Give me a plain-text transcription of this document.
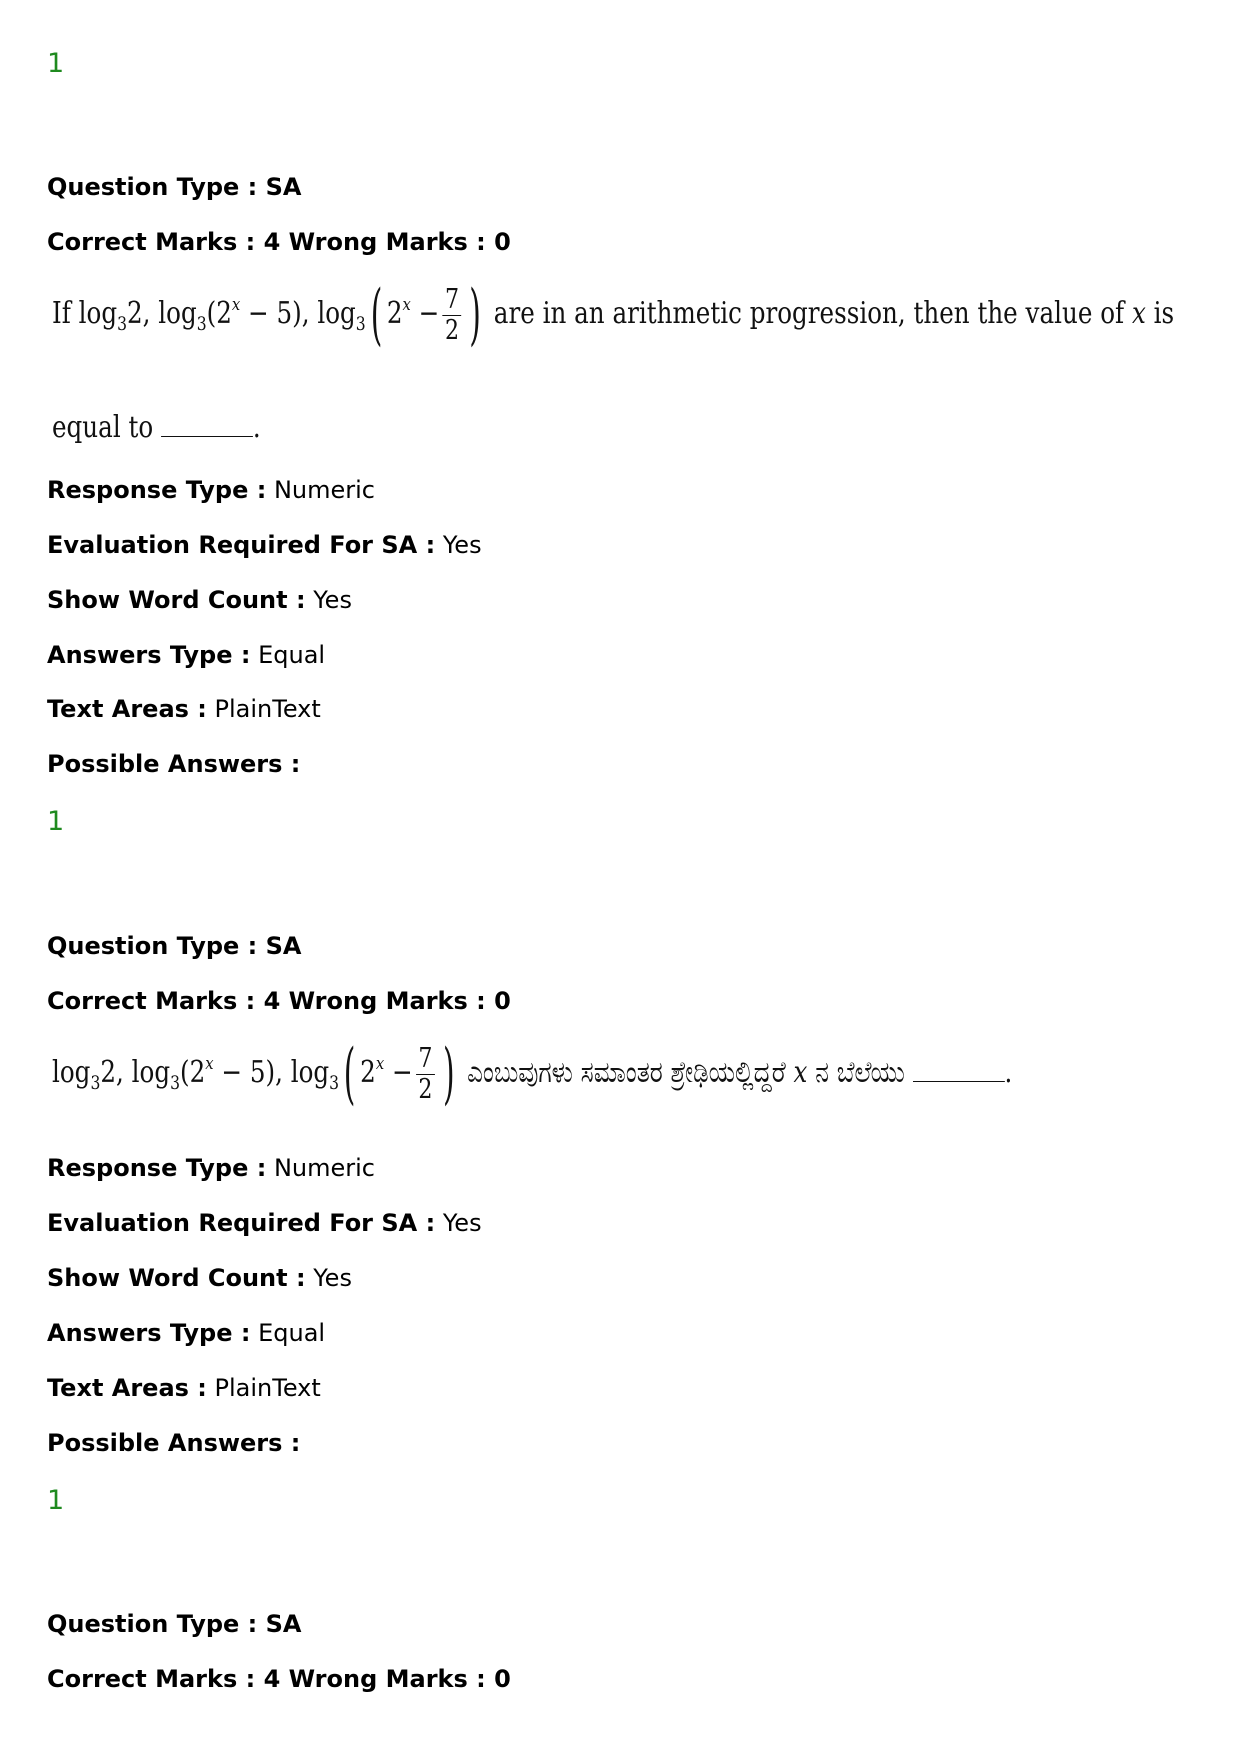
1
Question Type : SA
Correct Marks : 4 Wrong Marks : 0
If $\log_32$, $\log_3(2^x - 5)$, $\log_3$( $2^x - \frac{7}{2}$ ) are in an arithmetic progression, then the value of x is
equal to	.
Response Type : Numeric
Evaluation Required For SA : Yes
Show Word Count : Yes
Answers Type : Equal
Text Areas : PlainText
Possible Answers :
1
Question Type : SA
Correct Marks : 4 Wrong Marks : 0
$\log_32$, $\log_3(2^x - 5)$, $\log_3$( $2^x - \frac{7}{2}$ ) ಎಂಬುವುಗಳು ಸಮಾಂತರ ಶ್ರೇಢಿಯಲ್ಲಿದ್ದರೆ x ನ ಬೆಲೆಯು	.
Response Type : Numeric
Evaluation Required For SA : Yes
Show Word Count : Yes
Answers Type : Equal
Text Areas : PlainText
Possible Answers :
1
Question Type : SA
Correct Marks : 4 Wrong Marks : 0
